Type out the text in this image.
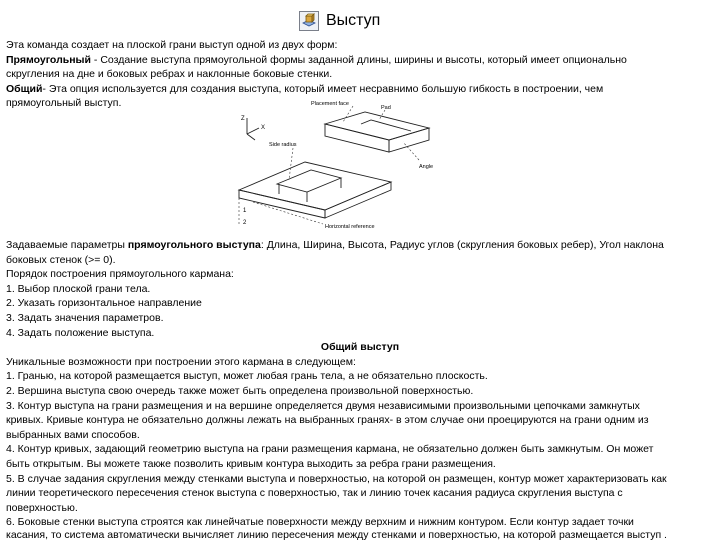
Выступ
Эта команда создает на плоской грани выступ одной из двух форм:
Прямоугольный - Создание выступа прямоугольной формы заданной длины, ширины и высоты, который имеет опционально
скругления на дне и боковых ребрах и наклонные боковые стенки.
Общий- Эта опция используется для создания выступа, который имеет несравнимо большую гибкость в построении, чем
прямоугольный выступ.
Z
X
1
2
Placement face
Pad
Side radius
Angle
Horizontal reference
Задаваемые параметры прямоугольного выступа: Длина, Ширина, Высота, Радиус углов (скругления боковых ребер), Угол наклона
боковых стенок (>= 0).
Порядок построения прямоугольного кармана:
1. Выбор плоской грани тела.
2. Указать горизонтальное направление
3. Задать значения параметров.
4. Задать положение выступа.
Общий выступ
Уникальные возможности при построении этого кармана в следующем:
1. Гранью, на которой размещается выступ, может любая грань тела, а не обязательно плоскость.
2. Вершина выступа свою очередь также может быть определена произвольной поверхностью.
3. Контур выступа на грани размещения и на вершине определяется двумя независимыми произвольными цепочками замкнутых
кривых. Кривые контура не обязательно должны лежать на выбранных гранях- в этом случае они проецируются на грани одним из
выбранных вами способов.
4. Контур кривых, задающий геометрию выступа на грани размещения кармана, не обязательно должен быть замкнутым. Он может
быть открытым. Вы можете также позволить кривым контура выходить за ребра грани размещения.
5. В случае задания скругления между стенками выступа и поверхностью, на которой он размещен, контур может характеризовать как
линии теоретического пересечения стенок выступа с поверхностью, так и линию точек касания радиуса скругления выступа с
поверхностью.
6. Боковые стенки выступа строятся как линейчатые поверхности между верхним и нижним контуром. Если контур задает точки
касания, то система автоматически вычисляет линию пересечения между стенками и поверхностью, на которой размещается выступ .
